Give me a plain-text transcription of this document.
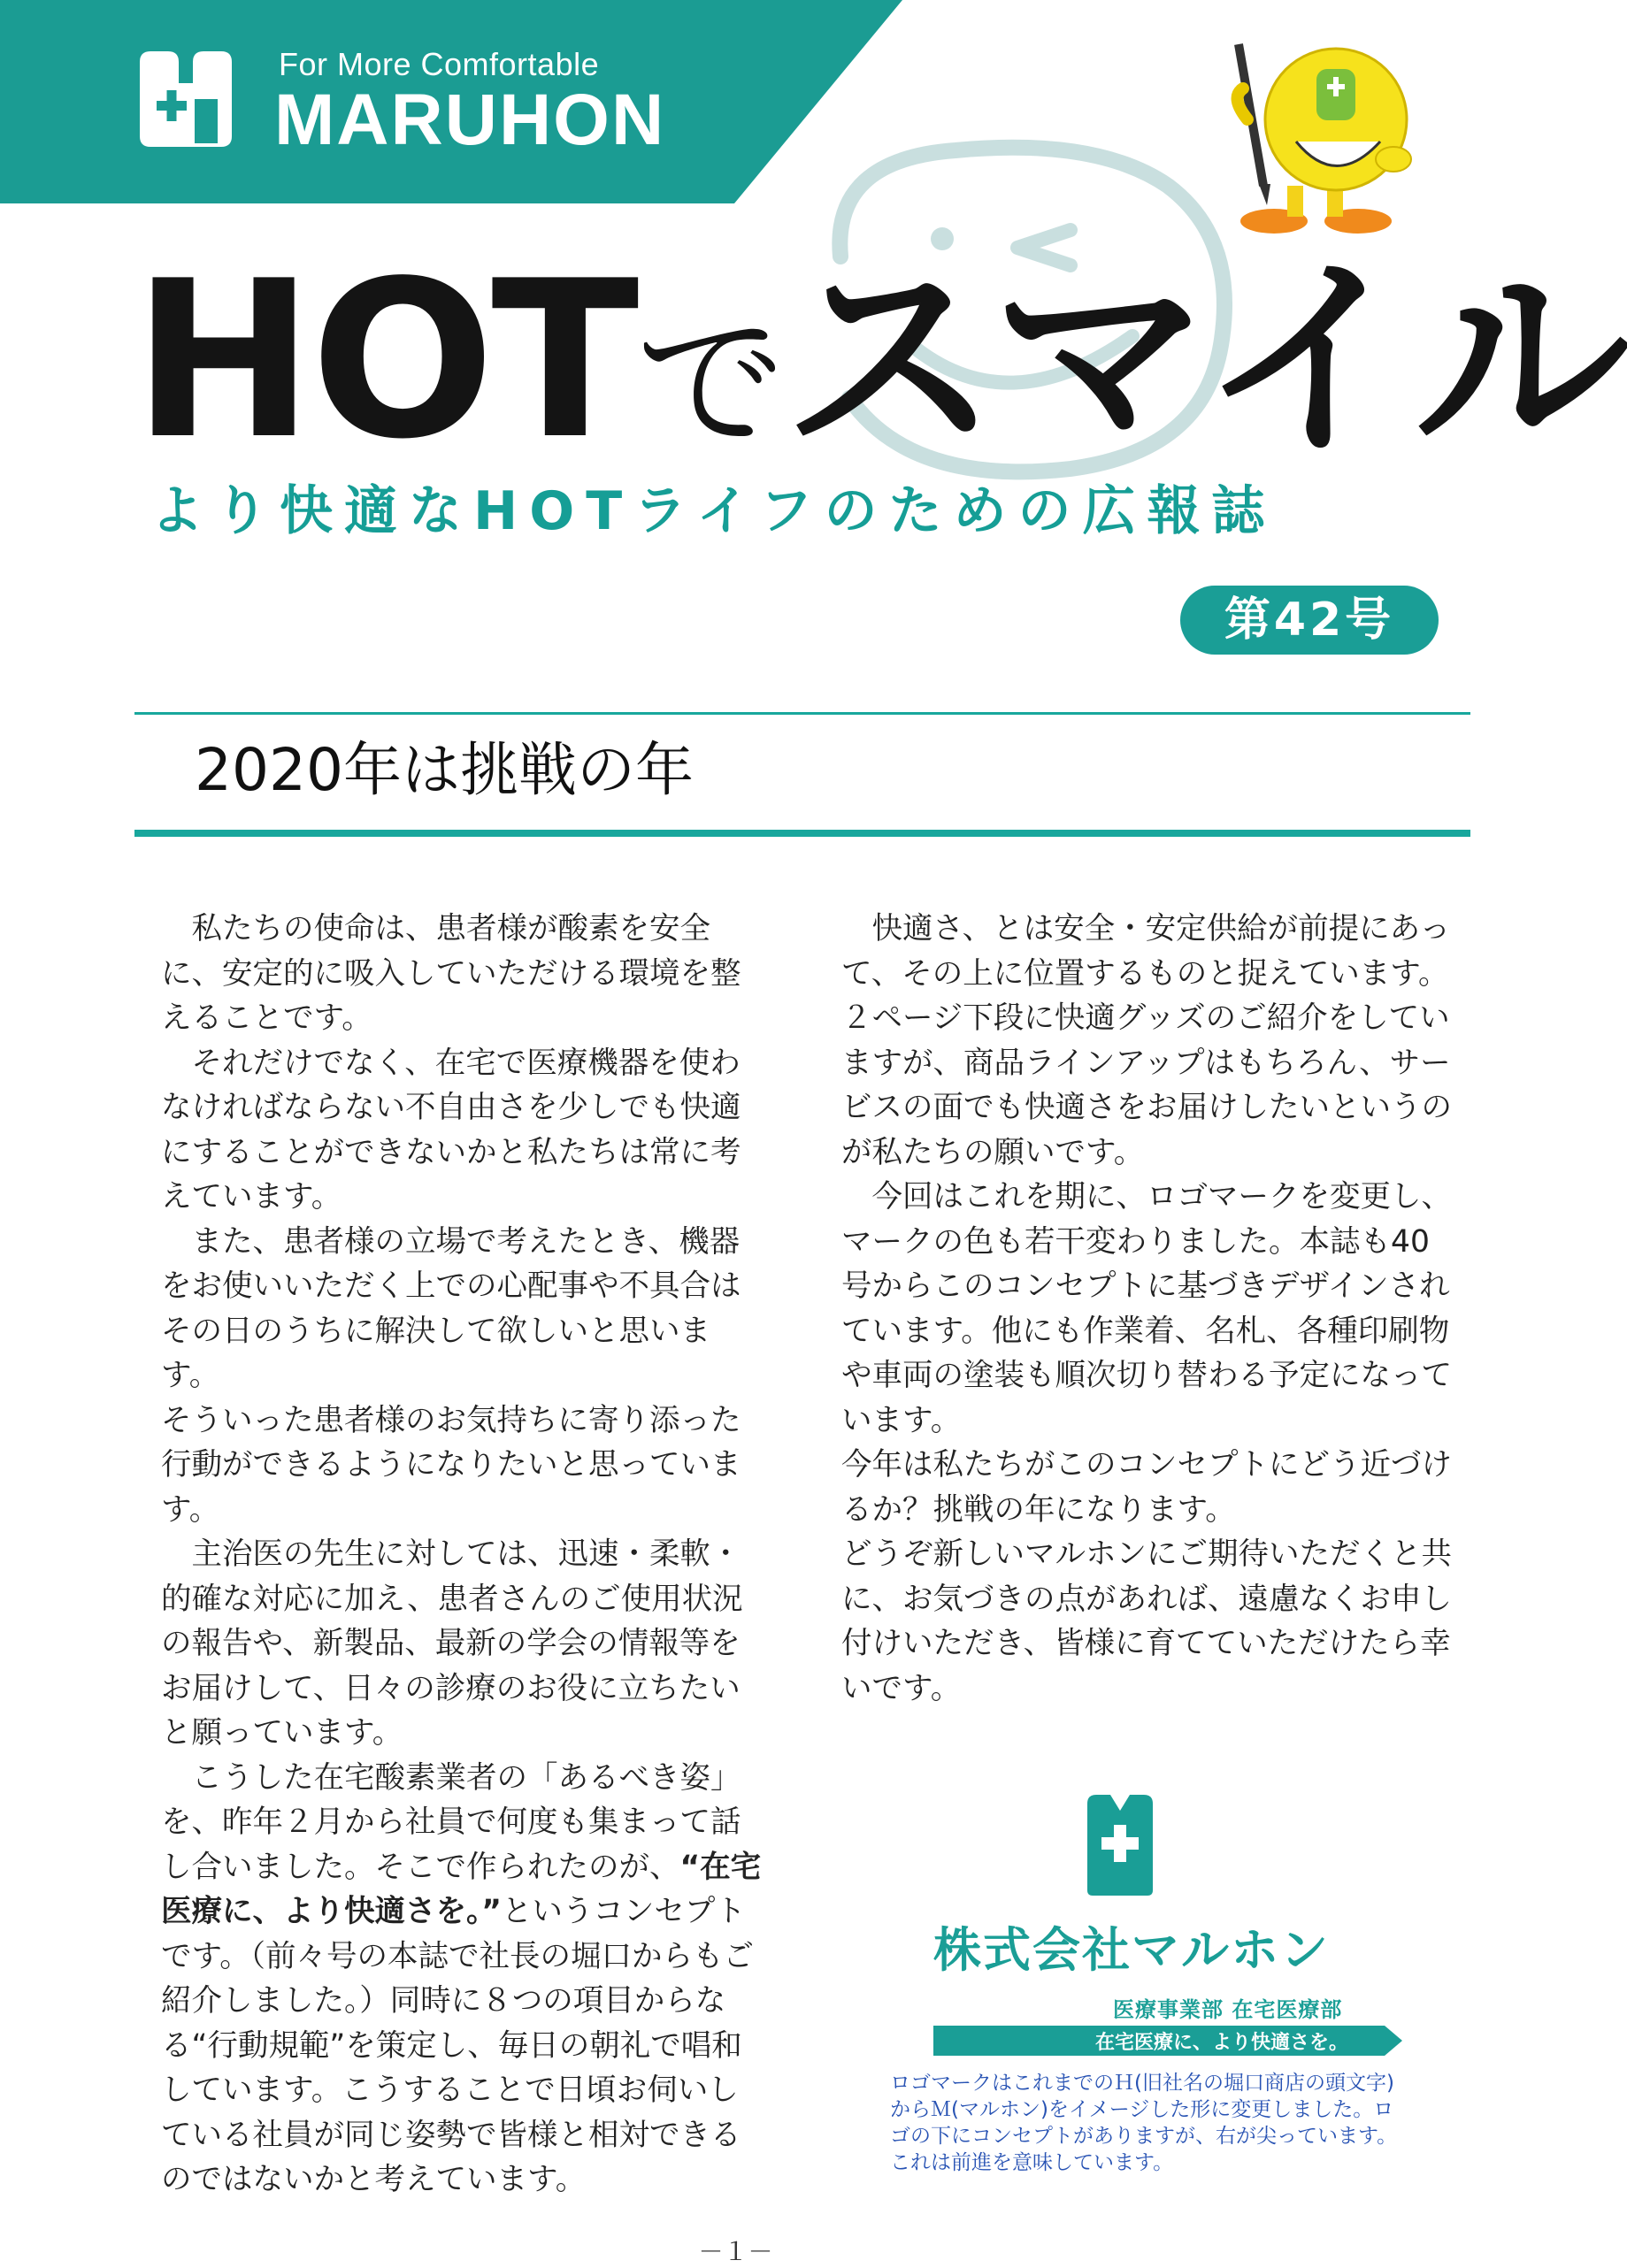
For More Comfortable
MARUHON
HOTでスマイル
より快適なHOTライフのための広報誌
第42号
2020年は挑戦の年

私たちの使命は、患者様が酸素を安全に、安定的に吸入していただける環境を整えることです。

それだけでなく、在宅で医療機器を使わなければならない不自由さを少しでも快適にすることができないかと私たちは常に考えています。

また、患者様の立場で考えたとき、機器をお使いいただく上での心配事や不具合はその日のうちに解決して欲しいと思います。

そういった患者様のお気持ちに寄り添った行動ができるようになりたいと思っています。

主治医の先生に対しては、迅速・柔軟・的確な対応に加え、患者さんのご使用状況の報告や、新製品、最新の学会の情報等をお届けして、日々の診療のお役に立ちたいと願っています。

こうした在宅酸素業者の「あるべき姿」を、昨年２月から社員で何度も集まって話し合いました。そこで作られたのが、“在宅医療に、より快適さを。”というコンセプトです。（前々号の本誌で社長の堀口からもご紹介しました。）同時に８つの項目からなる“行動規範”を策定し、毎日の朝礼で唱和しています。こうすることで日頃お伺いしている社員が同じ姿勢で皆様と相対できるのではないかと考えています。

快適さ、とは安全・安定供給が前提にあって、その上に位置するものと捉えています。２ページ下段に快適グッズのご紹介をしていますが、商品ラインアップはもちろん、サービスの面でも快適さをお届けしたいというのが私たちの願いです。

今回はこれを期に、ロゴマークを変更し、マークの色も若干変わりました。本誌も40号からこのコンセプトに基づきデザインされています。他にも作業着、名札、各種印刷物や車両の塗装も順次切り替わる予定になっています。

今年は私たちがこのコンセプトにどう近づけるか？挑戦の年になります。

どうぞ新しいマルホンにご期待いただくと共に、お気づきの点があれば、遠慮なくお申し付けいただき、皆様に育てていただけたら幸いです。

株式会社マルホン
医療事業部 在宅医療部
在宅医療に、より快適さを。
ロゴマークはこれまでのＨ(旧社名の堀口商店の頭文字)からＭ(マルホン)をイメージした形に変更しました。ロゴの下にコンセプトがありますが、右が尖っています。これは前進を意味しています。
－１－
